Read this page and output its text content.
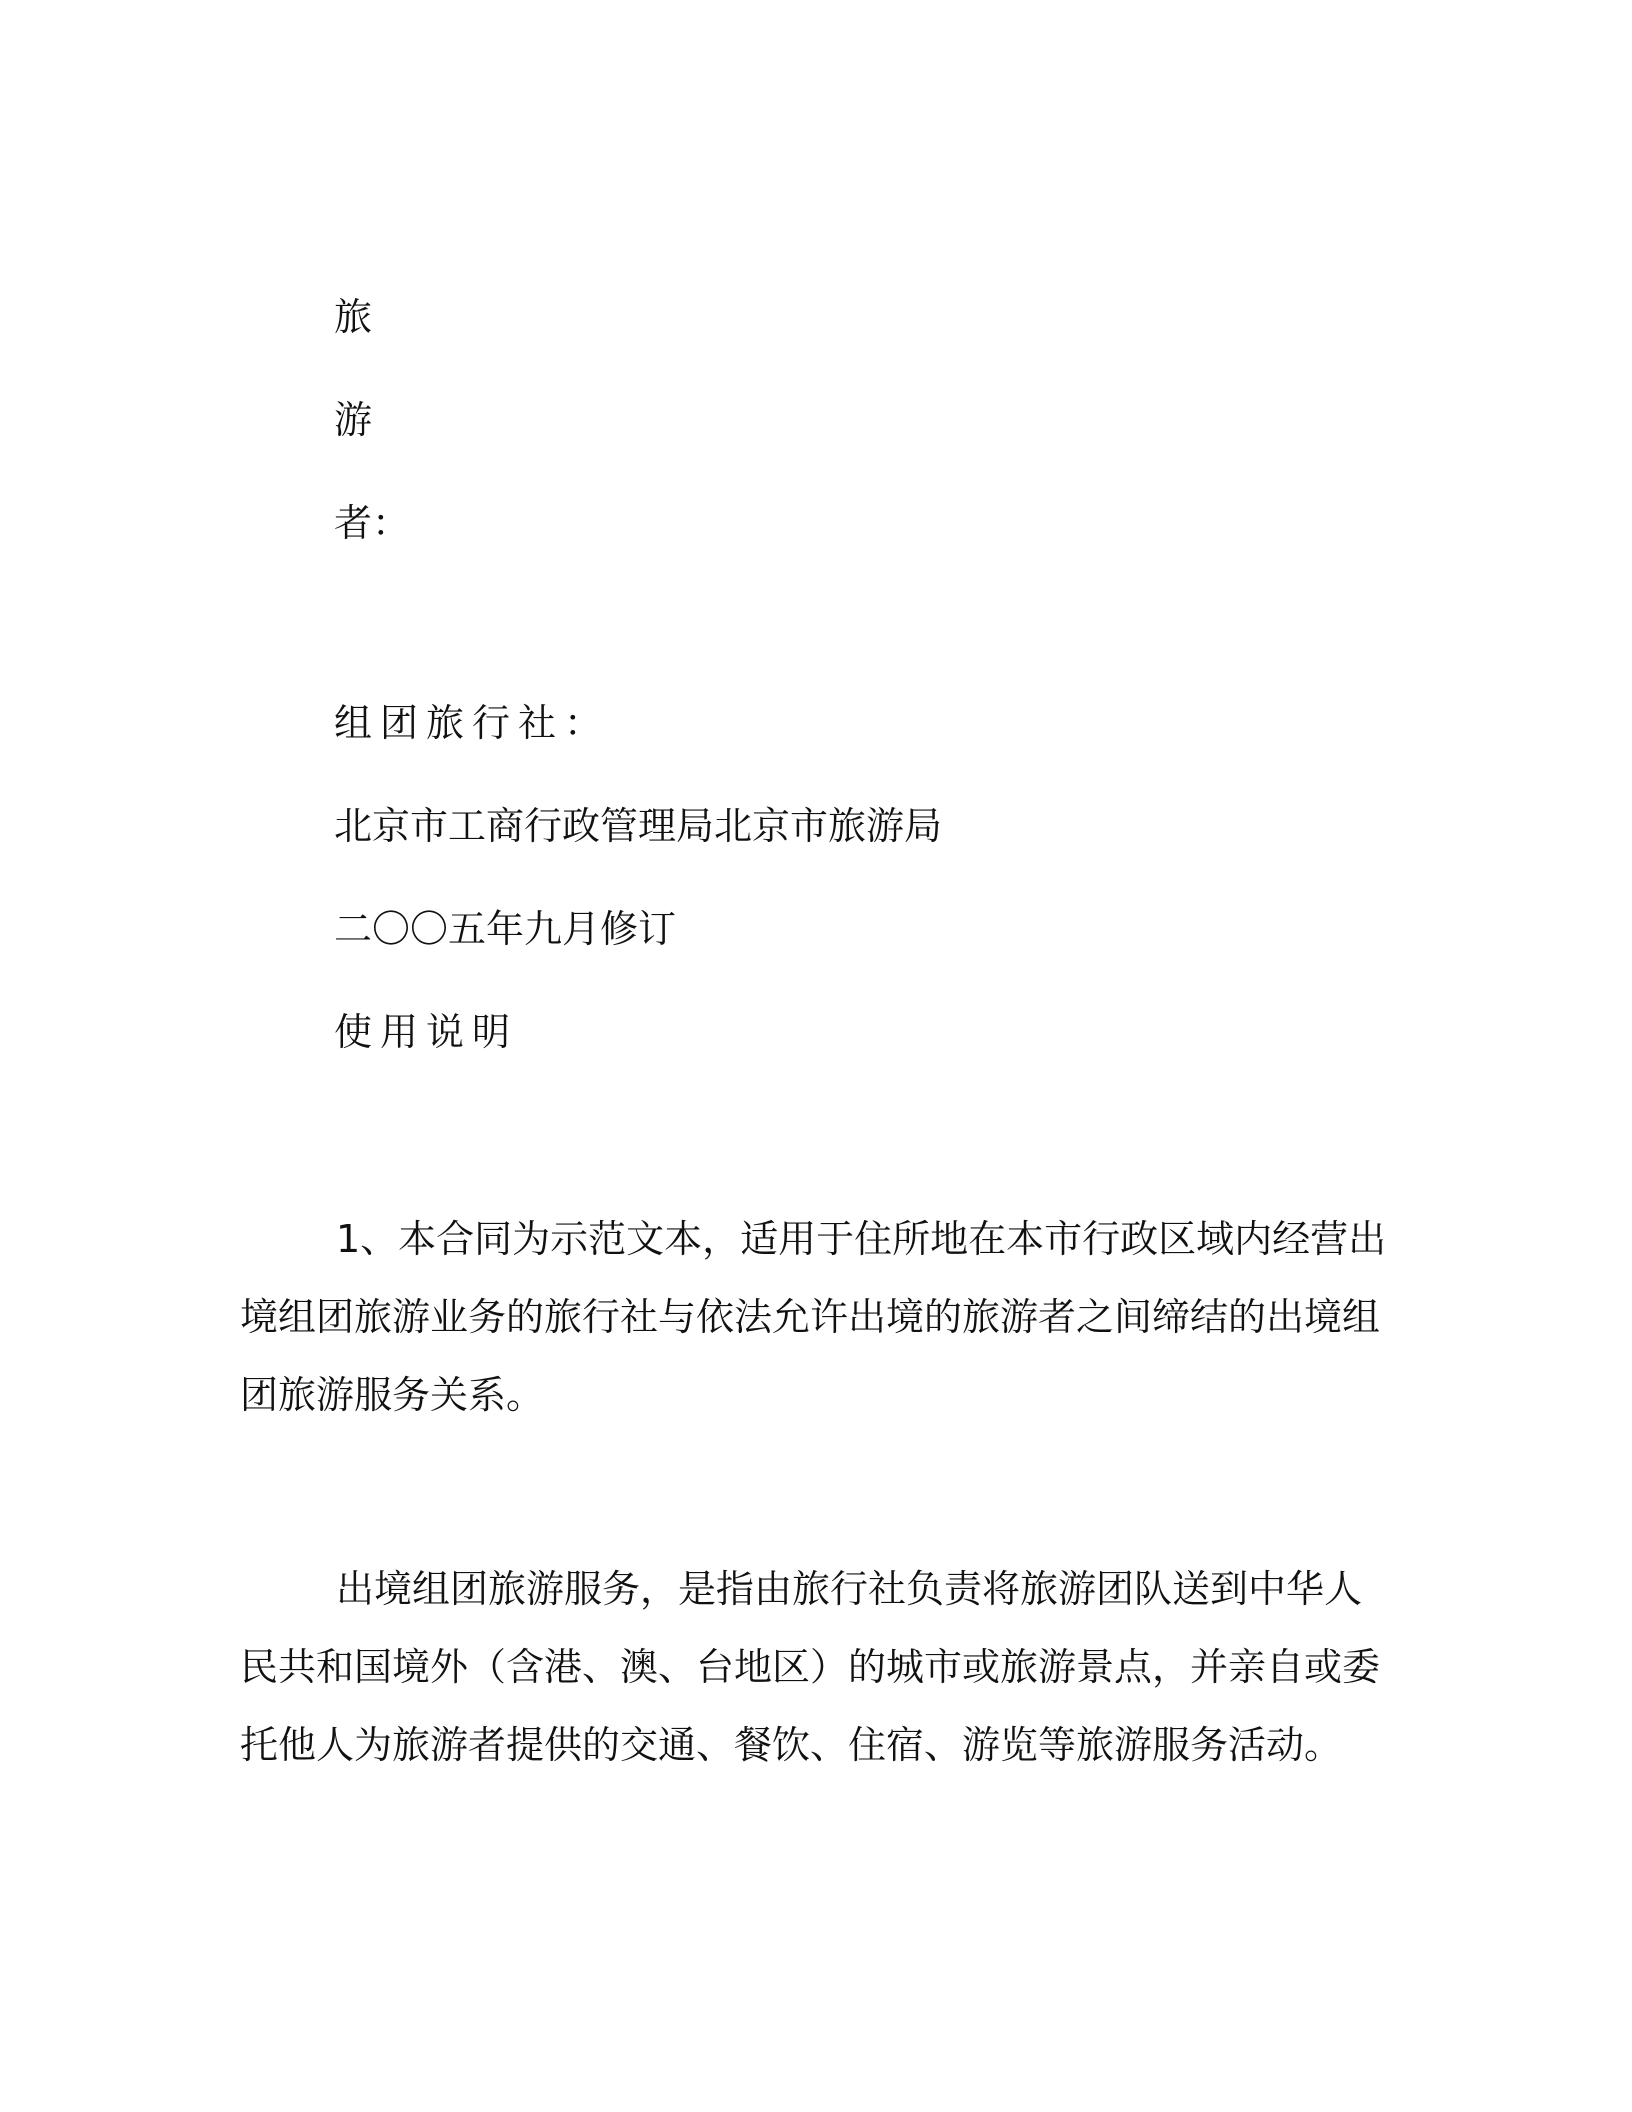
旅
游
者：
组团旅行社：
北京市工商行政管理局北京市旅游局
二〇〇五年九月修订
使用说明
1、本合同为示范文本，适用于住所地在本市行政区域内经营出境组团旅游业务的旅行社与依法允许出境的旅游者之间缔结的出境组团旅游服务关系。
出境组团旅游服务，是指由旅行社负责将旅游团队送到中华人民共和国境外（含港、澳、台地区）的城市或旅游景点，并亲自或委托他人为旅游者提供的交通、餐饮、住宿、游览等旅游服务活动。
